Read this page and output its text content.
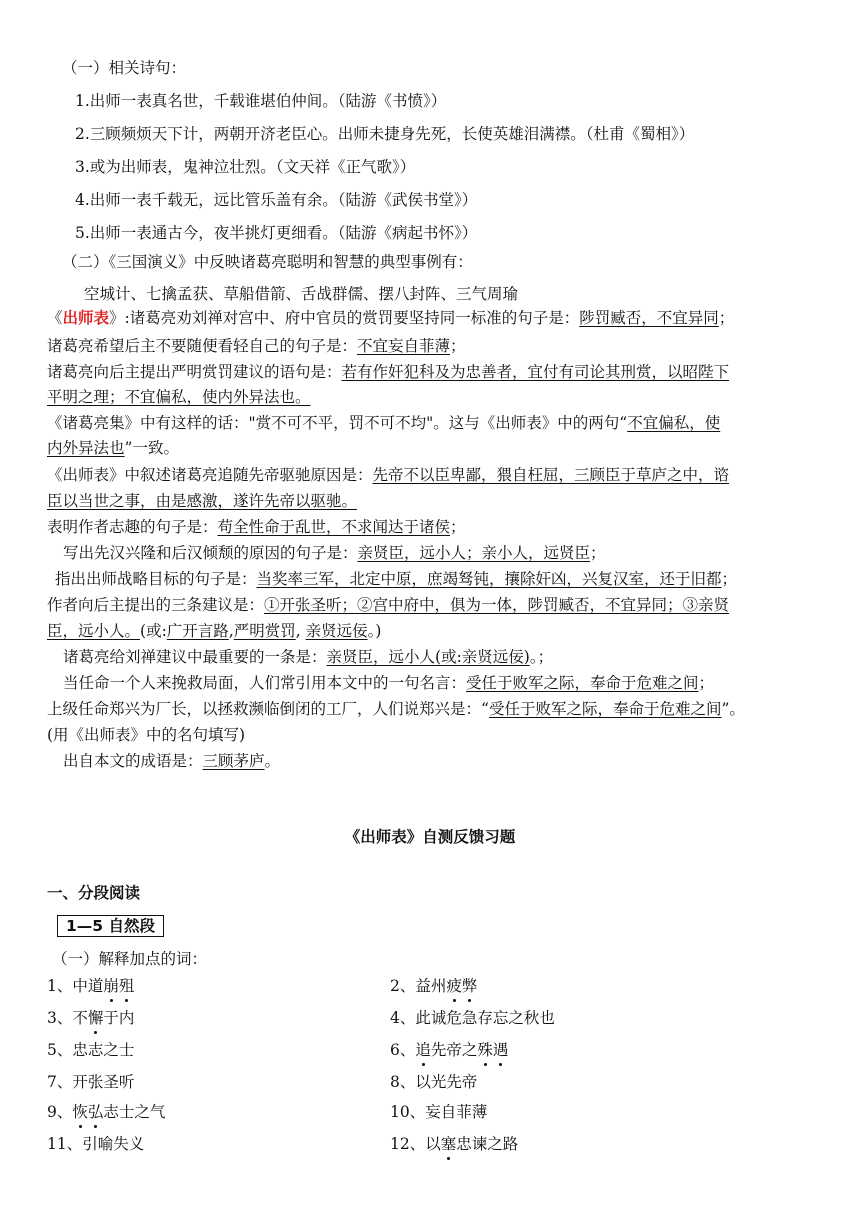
（一）相关诗句：
1.出师一表真名世，千载谁堪伯仲间。（陆游《书愤》）
2.三顾频烦天下计，两朝开济老臣心。出师未捷身先死，长使英雄泪满襟。（杜甫《蜀相》）
3.或为出师表，鬼神泣壮烈。（文天祥《正气歌》）
4.出师一表千载无，远比管乐盖有余。（陆游《武侯书堂》）
5.出师一表通古今，夜半挑灯更细看。（陆游《病起书怀》）
（二）《三国演义》中反映诸葛亮聪明和智慧的典型事例有：
空城计、七擒孟获、草船借箭、舌战群儒、摆八封阵、三气周瑜
《出师表》:诸葛亮劝刘禅对宫中、府中官员的赏罚要坚持同一标准的句子是：陟罚臧否，不宜异同；
诸葛亮希望后主不要随便看轻自己的句子是：不宜妄自菲薄；
诸葛亮向后主提出严明赏罚建议的语句是：若有作奸犯科及为忠善者，宜付有司论其刑赏，以昭陛下
平明之理；不宜偏私，使内外异法也。
《诸葛亮集》中有这样的话："赏不可不平，罚不可不均"。这与《出师表》中的两句“不宜偏私，使
内外异法也”一致。
《出师表》中叙述诸葛亮追随先帝驱驰原因是：先帝不以臣卑鄙，猥自枉屈，三顾臣于草庐之中，谘
臣以当世之事，由是感激，遂许先帝以驱驰。
表明作者志趣的句子是：苟全性命于乱世，不求闻达于诸侯；
写出先汉兴隆和后汉倾颓的原因的句子是：亲贤臣，远小人；亲小人，远贤臣；
指出出师战略目标的句子是：当奖率三军，北定中原，庶竭驽钝，攘除奸凶，兴复汉室，还于旧都；
作者向后主提出的三条建议是：①开张圣听；②宫中府中，俱为一体，陟罚臧否，不宜异同；③亲贤
臣，远小人。(或:广开言路,严明赏罚, 亲贤远佞。)
诸葛亮给刘禅建议中最重要的一条是：亲贤臣，远小人(或:亲贤远佞)。；
当任命一个人来挽救局面，人们常引用本文中的一句名言：受任于败军之际，奉命于危难之间；
上级任命郑兴为厂长，以拯救濒临倒闭的工厂，人们说郑兴是：“受任于败军之际，奉命于危难之间”。
(用《出师表》中的名句填写)
出自本文的成语是：三顾茅庐。
《出师表》自测反馈习题
一、分段阅读
1—5 自然段
（一）解释加点的词：
1、中道崩殂	2、益州疲弊
3、不懈于内	4、此诚危急存忘之秋也
5、忠志之士	6、追先帝之殊遇
7、开张圣听	8、以光先帝
9、恢弘志士之气	10、妄自菲薄
11、引喻失义	12、以塞忠谏之路
